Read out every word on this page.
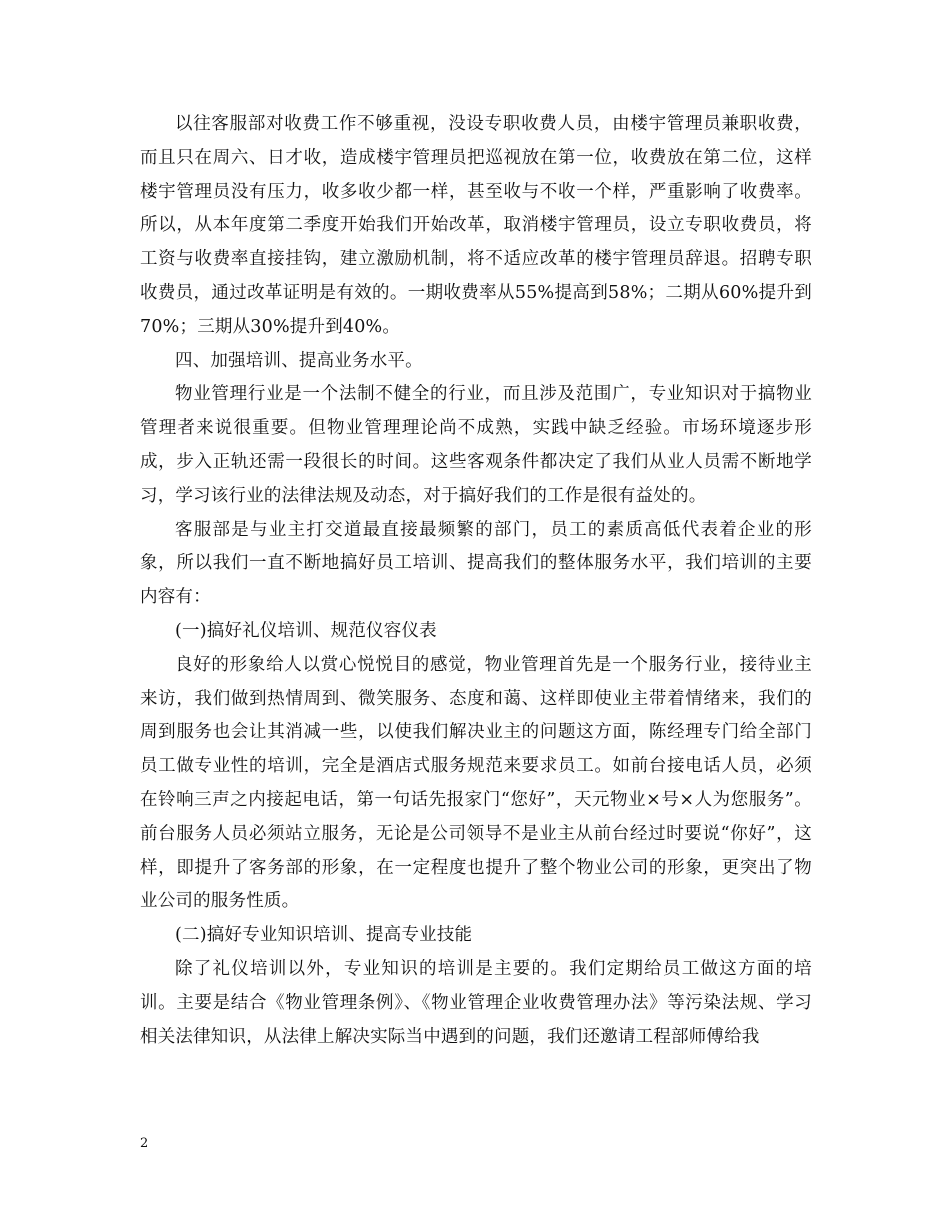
以往客服部对收费工作不够重视，没设专职收费人员，由楼宇管理员兼职收费，而且只在周六、日才收，造成楼宇管理员把巡视放在第一位，收费放在第二位，这样楼宇管理员没有压力，收多收少都一样，甚至收与不收一个样，严重影响了收费率。所以，从本年度第二季度开始我们开始改革，取消楼宇管理员，设立专职收费员，将工资与收费率直接挂钩，建立激励机制，将不适应改革的楼宇管理员辞退。招聘专职收费员，通过改革证明是有效的。一期收费率从55%提高到58%；二期从60%提升到70%；三期从30%提升到40%。

四、加强培训、提高业务水平。

物业管理行业是一个法制不健全的行业，而且涉及范围广，专业知识对于搞物业管理者来说很重要。但物业管理理论尚不成熟，实践中缺乏经验。市场环境逐步形成，步入正轨还需一段很长的时间。这些客观条件都决定了我们从业人员需不断地学习，学习该行业的法律法规及动态，对于搞好我们的工作是很有益处的。

客服部是与业主打交道最直接最频繁的部门，员工的素质高低代表着企业的形象，所以我们一直不断地搞好员工培训、提高我们的整体服务水平，我们培训的主要内容有：

(一)搞好礼仪培训、规范仪容仪表

良好的形象给人以赏心悦悦目的感觉，物业管理首先是一个服务行业，接待业主来访，我们做到热情周到、微笑服务、态度和蔼、这样即使业主带着情绪来，我们的周到服务也会让其消减一些，以使我们解决业主的问题这方面，陈经理专门给全部门员工做专业性的培训，完全是酒店式服务规范来要求员工。如前台接电话人员，必须在铃响三声之内接起电话，第一句话先报家门“您好”，天元物业×号×人为您服务”。前台服务人员必须站立服务，无论是公司领导不是业主从前台经过时要说“你好”，这样，即提升了客务部的形象，在一定程度也提升了整个物业公司的形象，更突出了物业公司的服务性质。

(二)搞好专业知识培训、提高专业技能

除了礼仪培训以外，专业知识的培训是主要的。我们定期给员工做这方面的培训。主要是结合《物业管理条例》、《物业管理企业收费管理办法》等污染法规、学习相关法律知识，从法律上解决实际当中遇到的问题，我们还邀请工程部师傅给我

2
